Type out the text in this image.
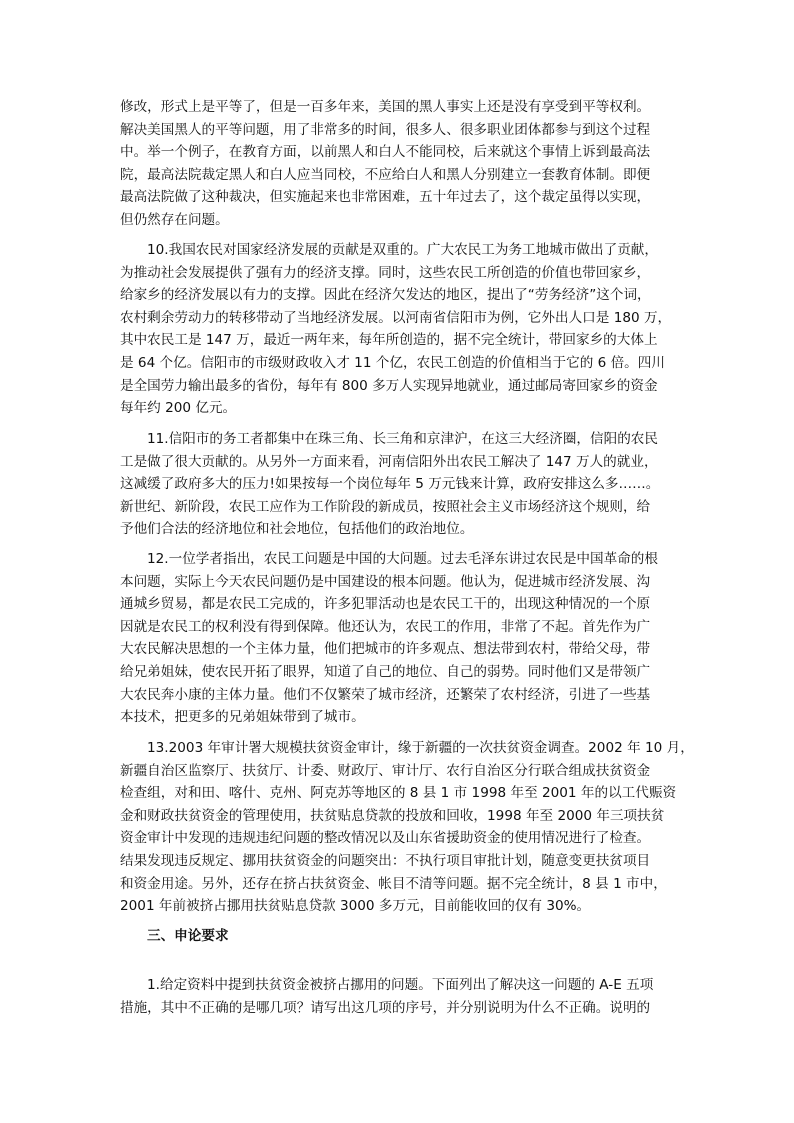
修改，形式上是平等了，但是一百多年来，美国的黑人事实上还是没有享受到平等权利。
解决美国黑人的平等问题，用了非常多的时间，很多人、很多职业团体都参与到这个过程
中。举一个例子，在教育方面，以前黑人和白人不能同校，后来就这个事情上诉到最高法
院，最高法院裁定黑人和白人应当同校，不应给白人和黑人分别建立一套教育体制。即便
最高法院做了这种裁决，但实施起来也非常困难，五十年过去了，这个裁定虽得以实现，
但仍然存在问题。
10.我国农民对国家经济发展的贡献是双重的。广大农民工为务工地城市做出了贡献，
为推动社会发展提供了强有力的经济支撑。同时，这些农民工所创造的价值也带回家乡，
给家乡的经济发展以有力的支撑。因此在经济欠发达的地区，提出了“劳务经济”这个词，
农村剩余劳动力的转移带动了当地经济发展。以河南省信阳市为例，它外出人口是 180 万，
其中农民工是 147 万，最近一两年来，每年所创造的，据不完全统计，带回家乡的大体上
是 64 个亿。信阳市的市级财政收入才 11 个亿，农民工创造的价值相当于它的 6 倍。四川
是全国劳力输出最多的省份，每年有 800 多万人实现异地就业，通过邮局寄回家乡的资金
每年约 200 亿元。
11.信阳市的务工者都集中在珠三角、长三角和京津沪，在这三大经济圈，信阳的农民
工是做了很大贡献的。从另外一方面来看，河南信阳外出农民工解决了 147 万人的就业，
这减缓了政府多大的压力!如果按每一个岗位每年 5 万元钱来计算，政府安排这么多……。
新世纪、新阶段，农民工应作为工作阶段的新成员，按照社会主义市场经济这个规则，给
予他们合法的经济地位和社会地位，包括他们的政治地位。
12.一位学者指出，农民工问题是中国的大问题。过去毛泽东讲过农民是中国革命的根
本问题，实际上今天农民问题仍是中国建设的根本问题。他认为，促进城市经济发展、沟
通城乡贸易，都是农民工完成的，许多犯罪活动也是农民工干的，出现这种情况的一个原
因就是农民工的权利没有得到保障。他还认为，农民工的作用，非常了不起。首先作为广
大农民解决思想的一个主体力量，他们把城市的许多观点、想法带到农村，带给父母，带
给兄弟姐妹，使农民开拓了眼界，知道了自己的地位、自己的弱势。同时他们又是带领广
大农民奔小康的主体力量。他们不仅繁荣了城市经济，还繁荣了农村经济，引进了一些基
本技术，把更多的兄弟姐妹带到了城市。
13.2003 年审计署大规模扶贫资金审计，缘于新疆的一次扶贫资金调查。2002 年 10 月，
新疆自治区监察厅、扶贫厅、计委、财政厅、审计厅、农行自治区分行联合组成扶贫资金
检查组，对和田、喀什、克州、阿克苏等地区的 8 县 1 市 1998 年至 2001 年的以工代赈资
金和财政扶贫资金的管理使用，扶贫贴息贷款的投放和回收，1998 年至 2000 年三项扶贫
资金审计中发现的违规违纪问题的整改情况以及山东省援助资金的使用情况进行了检查。
结果发现违反规定、挪用扶贫资金的问题突出：不执行项目审批计划，随意变更扶贫项目
和资金用途。另外，还存在挤占扶贫资金、帐目不清等问题。据不完全统计，8 县 1 市中，
2001 年前被挤占挪用扶贫贴息贷款 3000 多万元，目前能收回的仅有 30%。
三、申论要求
1.给定资料中提到扶贫资金被挤占挪用的问题。下面列出了解决这一问题的 A-E 五项
措施，其中不正确的是哪几项？请写出这几项的序号，并分别说明为什么不正确。说明的
